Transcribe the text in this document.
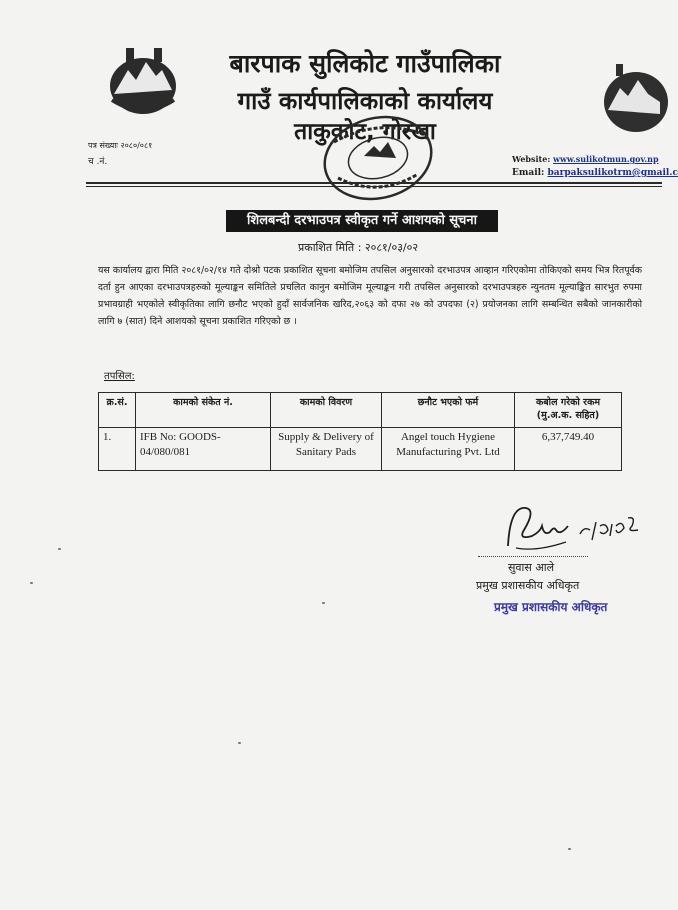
बारपाक सुलिकोट गाउँपालिका
गाउँ कार्यपालिकाको कार्यालय
ताकुकोट, गोरखा
पत्र संख्याः २०८०/०८१
च .नं.	Website: www.sulikotmun.gov.np
Email: barpaksulikotrm@gmail.c
शिलबन्दी दरभाउपत्र स्वीकृत गर्ने आशयको सूचना
प्रकाशित मिति : २०८१/०३/०२
यस कार्यालय द्वारा मिति २०८१/०२/१४ गते दोश्रो पटक प्रकाशित सूचना बमोजिम तपसिल अनुसारको दरभाउपत्र आव्हान गरिएकोमा तोकिएको समय भित्र रितपूर्वक दर्ता हुन आएका दरभाउपत्रहरुको मूल्याङ्कन समितिले प्रचलित कानुन बमोजिम मूल्याङ्कन गरी तपसिल अनुसारको दरभाउपत्रहरु न्युनतम मूल्याङ्कित सारभुत रुपमा प्रभावग्राही भएकोले स्वीकृतिका लागि छनौट भएको हुदाँ सार्वजनिक खरिद,२०६३ को दफा २७ को उपदफा (२) प्रयोजनका लागि सम्बन्धित सबैको जानकारीको लागि ७ (सात) दिने आशयको सूचना प्रकाशित गरिएको छ ।
तपसिल:
क्र.सं.	कामको संकेत नं.	कामको विवरण	छनौट भएको फर्म	कबोल गरेको रकम (मु.अ.क. सहित)
1.	IFB No: GOODS-04/080/081	Supply & Delivery of Sanitary Pads	Angel touch Hygiene Manufacturing Pvt. Ltd	6,37,749.40
सुवास आले
प्रमुख प्रशासकीय अधिकृत
प्रमुख प्रशासकीय अधिकृत
